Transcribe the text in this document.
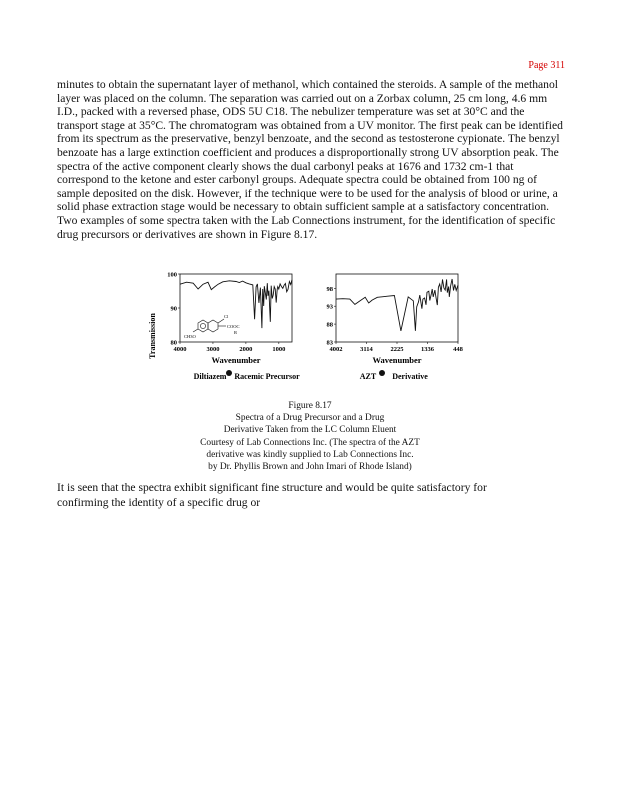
Page 311

minutes to obtain the supernatant layer of methanol, which contained the steroids. A sample of the methanol layer was placed on the column. The separation was carried out on a Zorbax column, 25 cm long, 4.6 mm I.D., packed with a reversed phase, ODS 5U C18. The nebulizer temperature was set at 30°C and the transport stage at 35°C. The chromatogram was obtained from a UV monitor. The first peak can be identified from its spectrum as the preservative, benzyl benzoate, and the second as testosterone cypionate. The benzyl benzoate has a large extinction coefficient and produces a disproportionally strong UV absorption peak. The spectra of the active component clearly shows the dual carbonyl peaks at 1676 and 1732 cm-1 that correspond to the ketone and ester carbonyl groups. Adequate spectra could be obtained from 100 ng of sample deposited on the disk. However, if the technique were to be used for the analysis of blood or urine, a solid phase extraction stage would be necessary to obtain sufficient sample at a satisfactory concentration. Two examples of some spectra taken with the Lab Connections instrument, for the identification of specific drug precursors or derivatives are shown in Figure 8.17.

Transmission
100
90
80
4000	3000	2000	1000
Cl
COOC
R
CH3O
Wavenumber
Diltiazem Racemic Precursor
98
93
88
83
4002	3114	2225	1336	448
Wavenumber
AZT Derivative
Figure 8.17
Spectra of a Drug Precursor and a Drug
Derivative Taken from the LC Column Eluent
Courtesy of Lab Connections Inc. (The spectra of the AZT
derivative was kindly supplied to Lab Connections Inc.
by Dr. Phyllis Brown and John Imari of Rhode Island)

It is seen that the spectra exhibit significant fine structure and would be quite satisfactory for
confirming the identity of a specific drug or
